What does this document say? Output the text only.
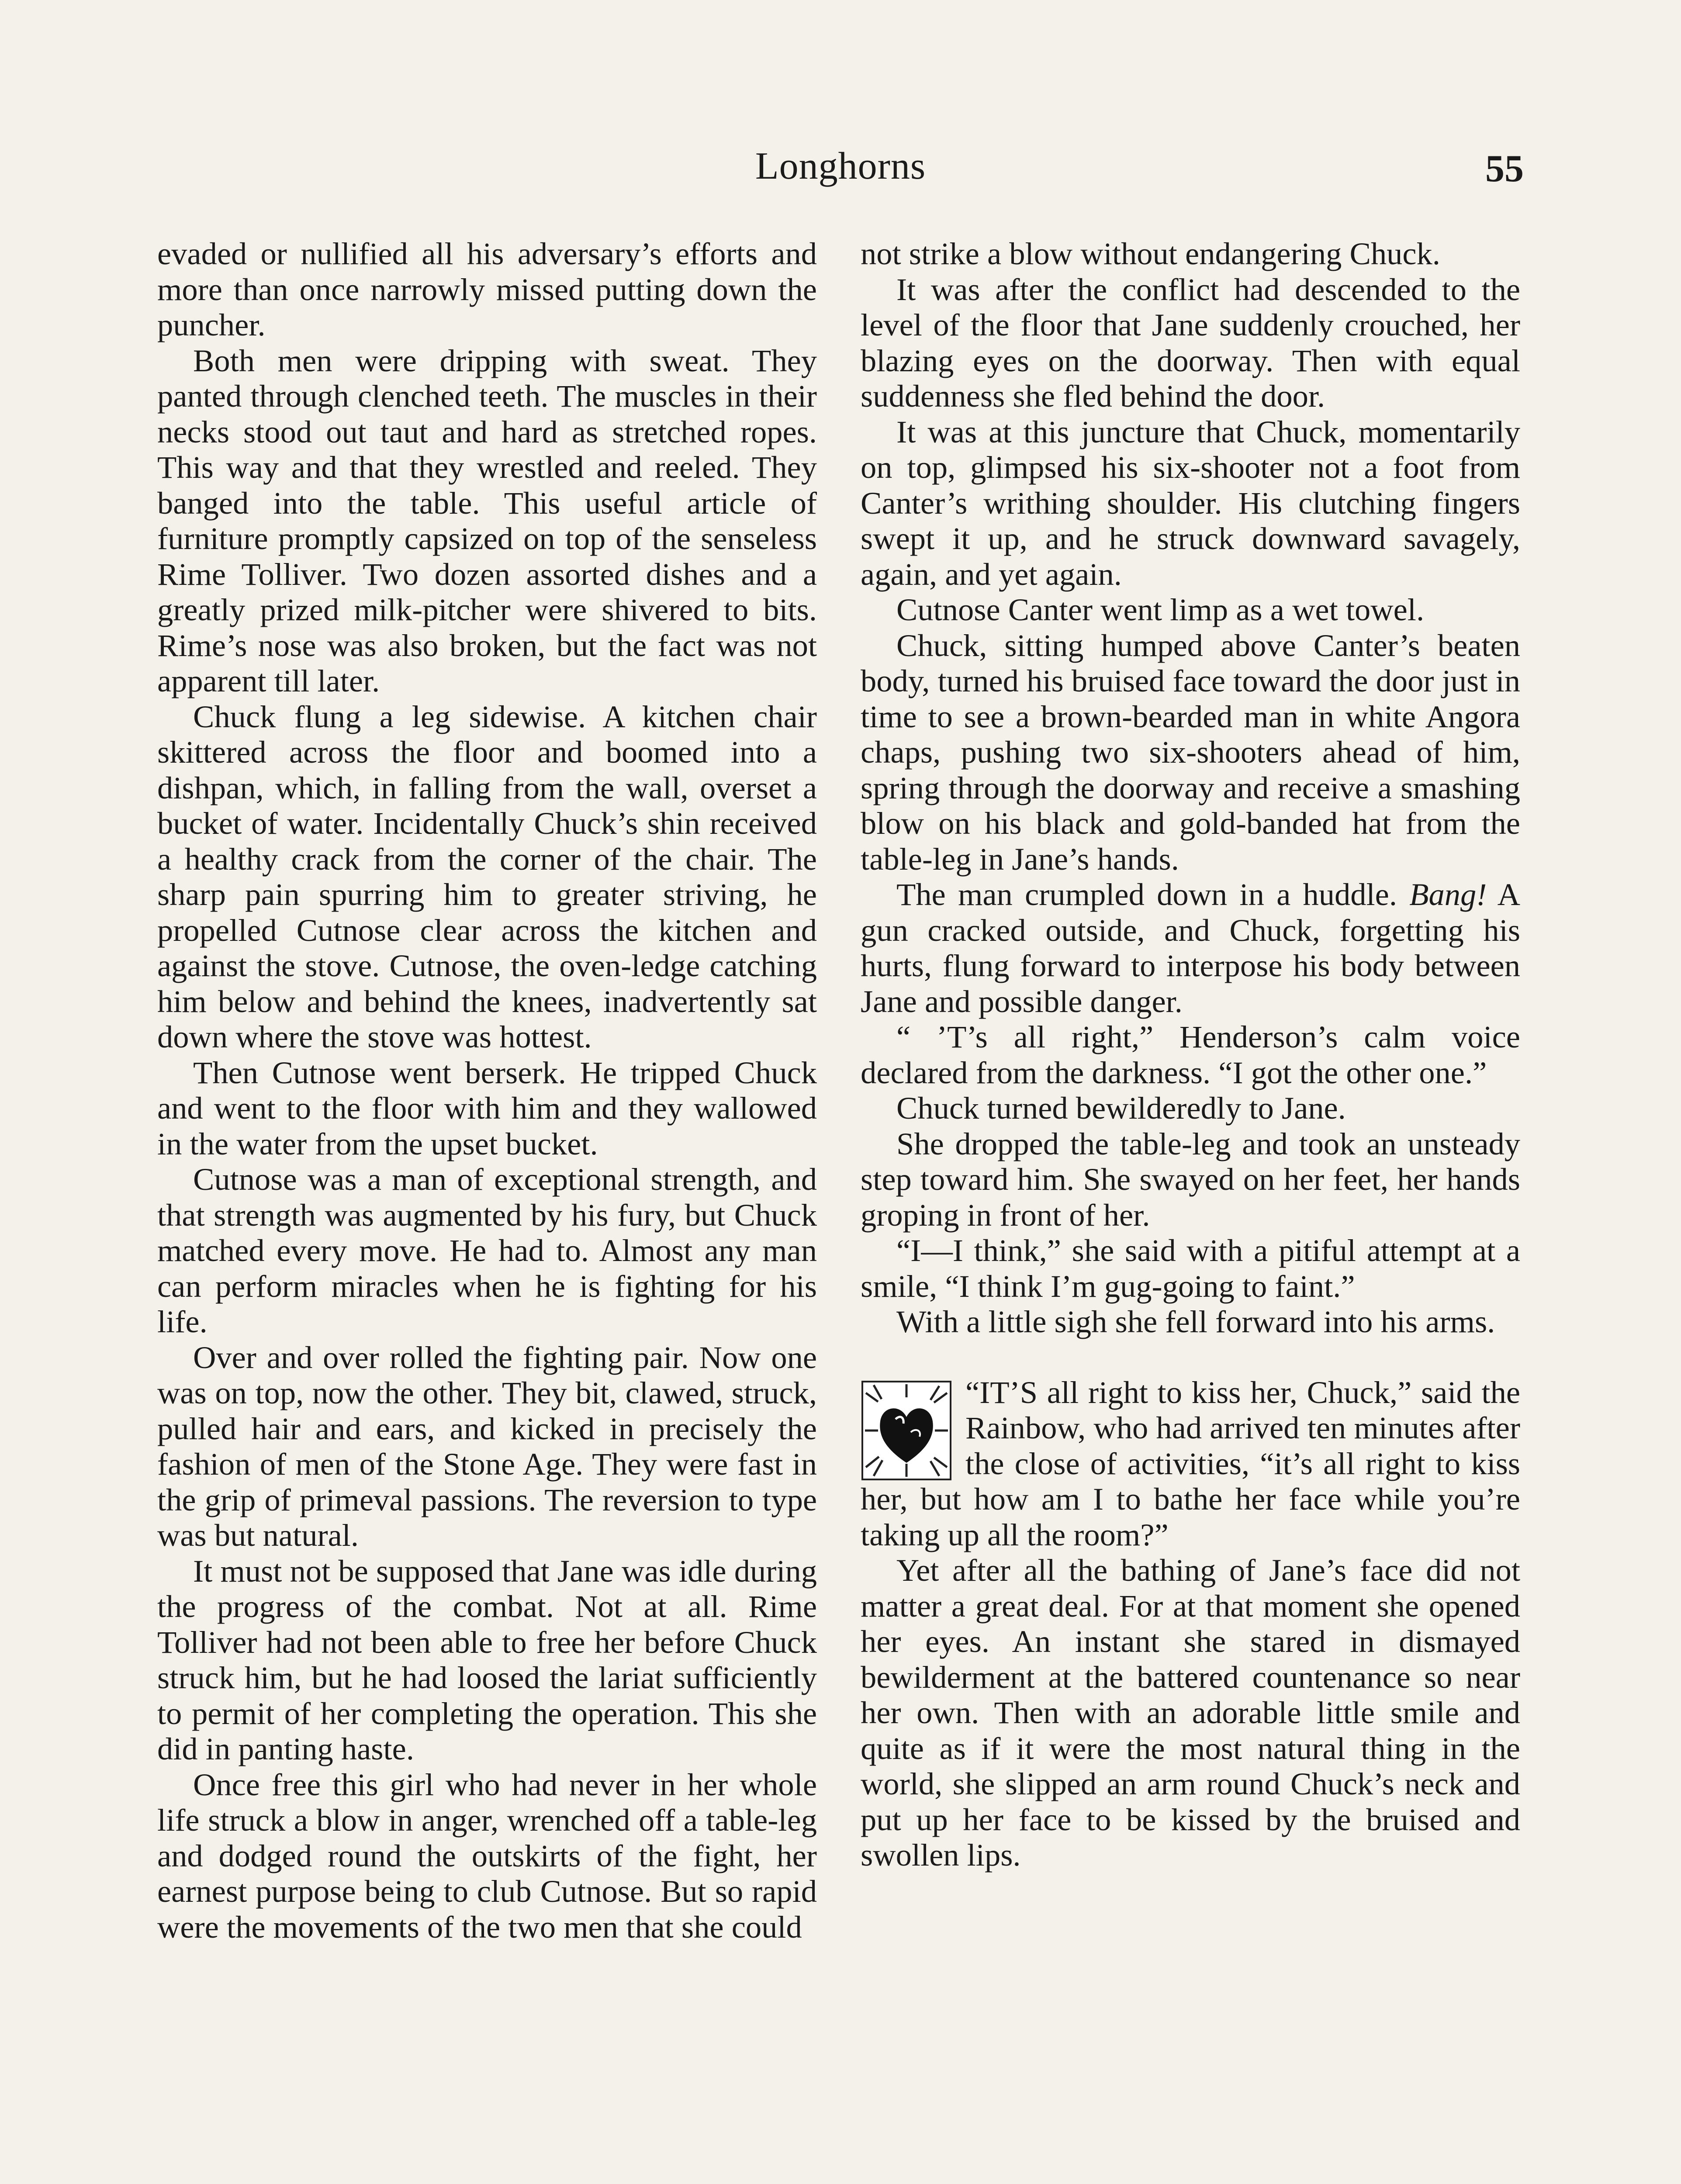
Longhorns	55

evaded or nullified all his adversary’s efforts and more than once narrowly missed putting down the puncher.

Both men were dripping with sweat. They panted through clenched teeth. The muscles in their necks stood out taut and hard as stretched ropes. This way and that they wrestled and reeled. They banged into the table. This useful article of furniture promptly capsized on top of the senseless Rime Tolliver. Two dozen assorted dishes and a greatly prized milk-pitcher were shivered to bits. Rime’s nose was also broken, but the fact was not apparent till later.

Chuck flung a leg sidewise. A kitchen chair skittered across the floor and boomed into a dishpan, which, in falling from the wall, overset a bucket of water. Incidentally Chuck’s shin received a healthy crack from the corner of the chair. The sharp pain spurring him to greater striving, he propelled Cutnose clear across the kitchen and against the stove. Cutnose, the oven-ledge catching him below and behind the knees, inadvertently sat down where the stove was hottest.

Then Cutnose went berserk. He tripped Chuck and went to the floor with him and they wallowed in the water from the upset bucket.

Cutnose was a man of exceptional strength, and that strength was augmented by his fury, but Chuck matched every move. He had to. Almost any man can perform miracles when he is fighting for his life.

Over and over rolled the fighting pair. Now one was on top, now the other. They bit, clawed, struck, pulled hair and ears, and kicked in precisely the fashion of men of the Stone Age. They were fast in the grip of primeval passions. The reversion to type was but natural.

It must not be supposed that Jane was idle during the progress of the combat. Not at all. Rime Tolliver had not been able to free her before Chuck struck him, but he had loosed the lariat sufficiently to permit of her completing the operation. This she did in panting haste.

Once free this girl who had never in her whole life struck a blow in anger, wrenched off a table-leg and dodged round the outskirts of the fight, her earnest purpose being to club Cutnose. But so rapid were the movements of the two men that she could

not strike a blow without endangering Chuck.

It was after the conflict had descended to the level of the floor that Jane suddenly crouched, her blazing eyes on the doorway. Then with equal suddenness she fled behind the door.

It was at this juncture that Chuck, momentarily on top, glimpsed his six-shooter not a foot from Canter’s writhing shoulder. His clutching fingers swept it up, and he struck downward savagely, again, and yet again.

Cutnose Canter went limp as a wet towel.

Chuck, sitting humped above Canter’s beaten body, turned his bruised face toward the door just in time to see a brown-bearded man in white Angora chaps, pushing two six-shooters ahead of him, spring through the doorway and receive a smashing blow on his black and gold-banded hat from the table-leg in Jane’s hands.

The man crumpled down in a huddle. Bang! A gun cracked outside, and Chuck, forgetting his hurts, flung forward to interpose his body between Jane and possible danger.

“ ’T’s all right,” Henderson’s calm voice declared from the darkness. “I got the other one.”

Chuck turned bewilderedly to Jane.

She dropped the table-leg and took an unsteady step toward him. She swayed on her feet, her hands groping in front of her.

“I—I think,” she said with a pitiful attempt at a smile, “I think I’m gug-going to faint.”

With a little sigh she fell forward into his arms.

“IT’S all right to kiss her, Chuck,” said the Rainbow, who had arrived ten minutes after the close of activities, “it’s all right to kiss her, but how am I to bathe her face while you’re taking up all the room?”

Yet after all the bathing of Jane’s face did not matter a great deal. For at that moment she opened her eyes. An instant she stared in dismayed bewilderment at the battered countenance so near her own. Then with an adorable little smile and quite as if it were the most natural thing in the world, she slipped an arm round Chuck’s neck and put up her face to be kissed by the bruised and swollen lips.
